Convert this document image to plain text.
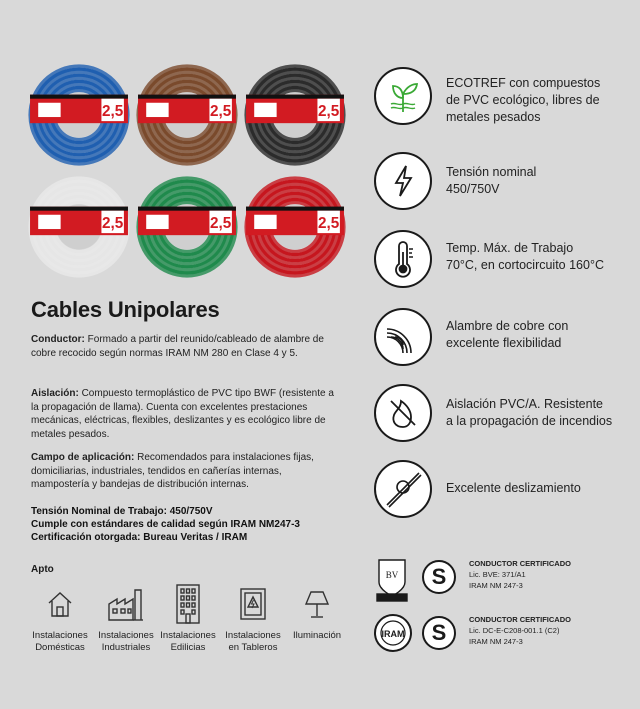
2,5	2,5	2,5
2,5	2,5	2,5
Cables Unipolares
Conductor: Formado a partir del reunido/cableado de alambre de cobre recocido según normas IRAM NM 280 en Clase 4 y 5.
Aislación: Compuesto termoplástico de PVC tipo BWF (resistente a la propagación de llama). Cuenta con excelentes prestaciones mecánicas, eléctricas, flexibles, deslizantes y es ecológico libre de metales pesados.
Campo de aplicación: Recomendados para instalaciones fijas, domiciliarias, industriales, tendidos en cañerías internas, mampostería y bandejas de distribución internas.
Tensión Nominal de Trabajo: 450/750V
Cumple con estándares de calidad según IRAM NM247-3
Certificación otorgada: Bureau Veritas / IRAM
Apto
Instalaciones
Domésticas
Instalaciones
Industriales
Instalaciones
Edilicias
Instalaciones
en Tableros
Iluminación
ECOTREF con compuestos
de PVC ecológico, libres de
metales pesados
Tensión nominal
450/750V
Temp. Máx. de Trabajo
70°C, en cortocircuito 160°C
Alambre de cobre con
excelente flexibilidad
Aislación PVC/A. Resistente
a la propagación de incendios
Excelente deslizamiento
BV	S
CONDUCTOR CERTIFICADO
Lic. BVE: 371/A1
IRAM NM 247-3
IRAM	S
CONDUCTOR CERTIFICADO
Lic. DC-E-C208-001.1 (C2)
IRAM NM 247-3
